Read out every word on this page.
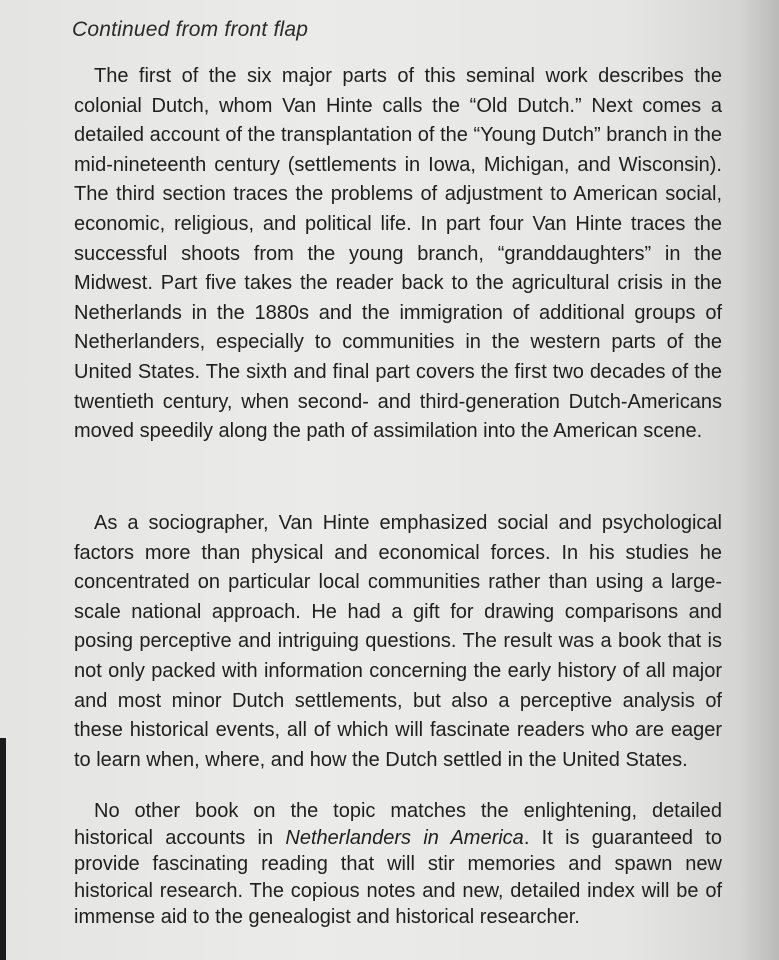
Continued from front flap

The first of the six major parts of this seminal work describes the colonial Dutch, whom Van Hinte calls the “Old Dutch.” Next comes a detailed account of the transplantation of the “Young Dutch” branch in the mid-nineteenth century (settlements in Iowa, Michigan, and Wisconsin). The third section traces the problems of adjustment to American social, economic, religious, and political life. In part four Van Hinte traces the successful shoots from the young branch, “granddaughters” in the Midwest. Part five takes the reader back to the agricultural crisis in the Netherlands in the 1880s and the immigration of additional groups of Netherlanders, especially to communities in the western parts of the United States. The sixth and final part covers the first two decades of the twentieth century, when second- and third-generation Dutch-Americans moved speedily along the path of assimilation into the American scene.

As a sociographer, Van Hinte emphasized social and psychological factors more than physical and economical forces. In his studies he concentrated on particular local communities rather than using a large-scale national approach. He had a gift for drawing comparisons and posing perceptive and intriguing questions. The result was a book that is not only packed with information concerning the early history of all major and most minor Dutch settlements, but also a perceptive analysis of these historical events, all of which will fascinate readers who are eager to learn when, where, and how the Dutch settled in the United States.

No other book on the topic matches the enlightening, detailed historical accounts in Netherlanders in America. It is guaranteed to provide fascinating reading that will stir memories and spawn new historical research. The copious notes and new, detailed index will be of immense aid to the genealogist and historical researcher.
